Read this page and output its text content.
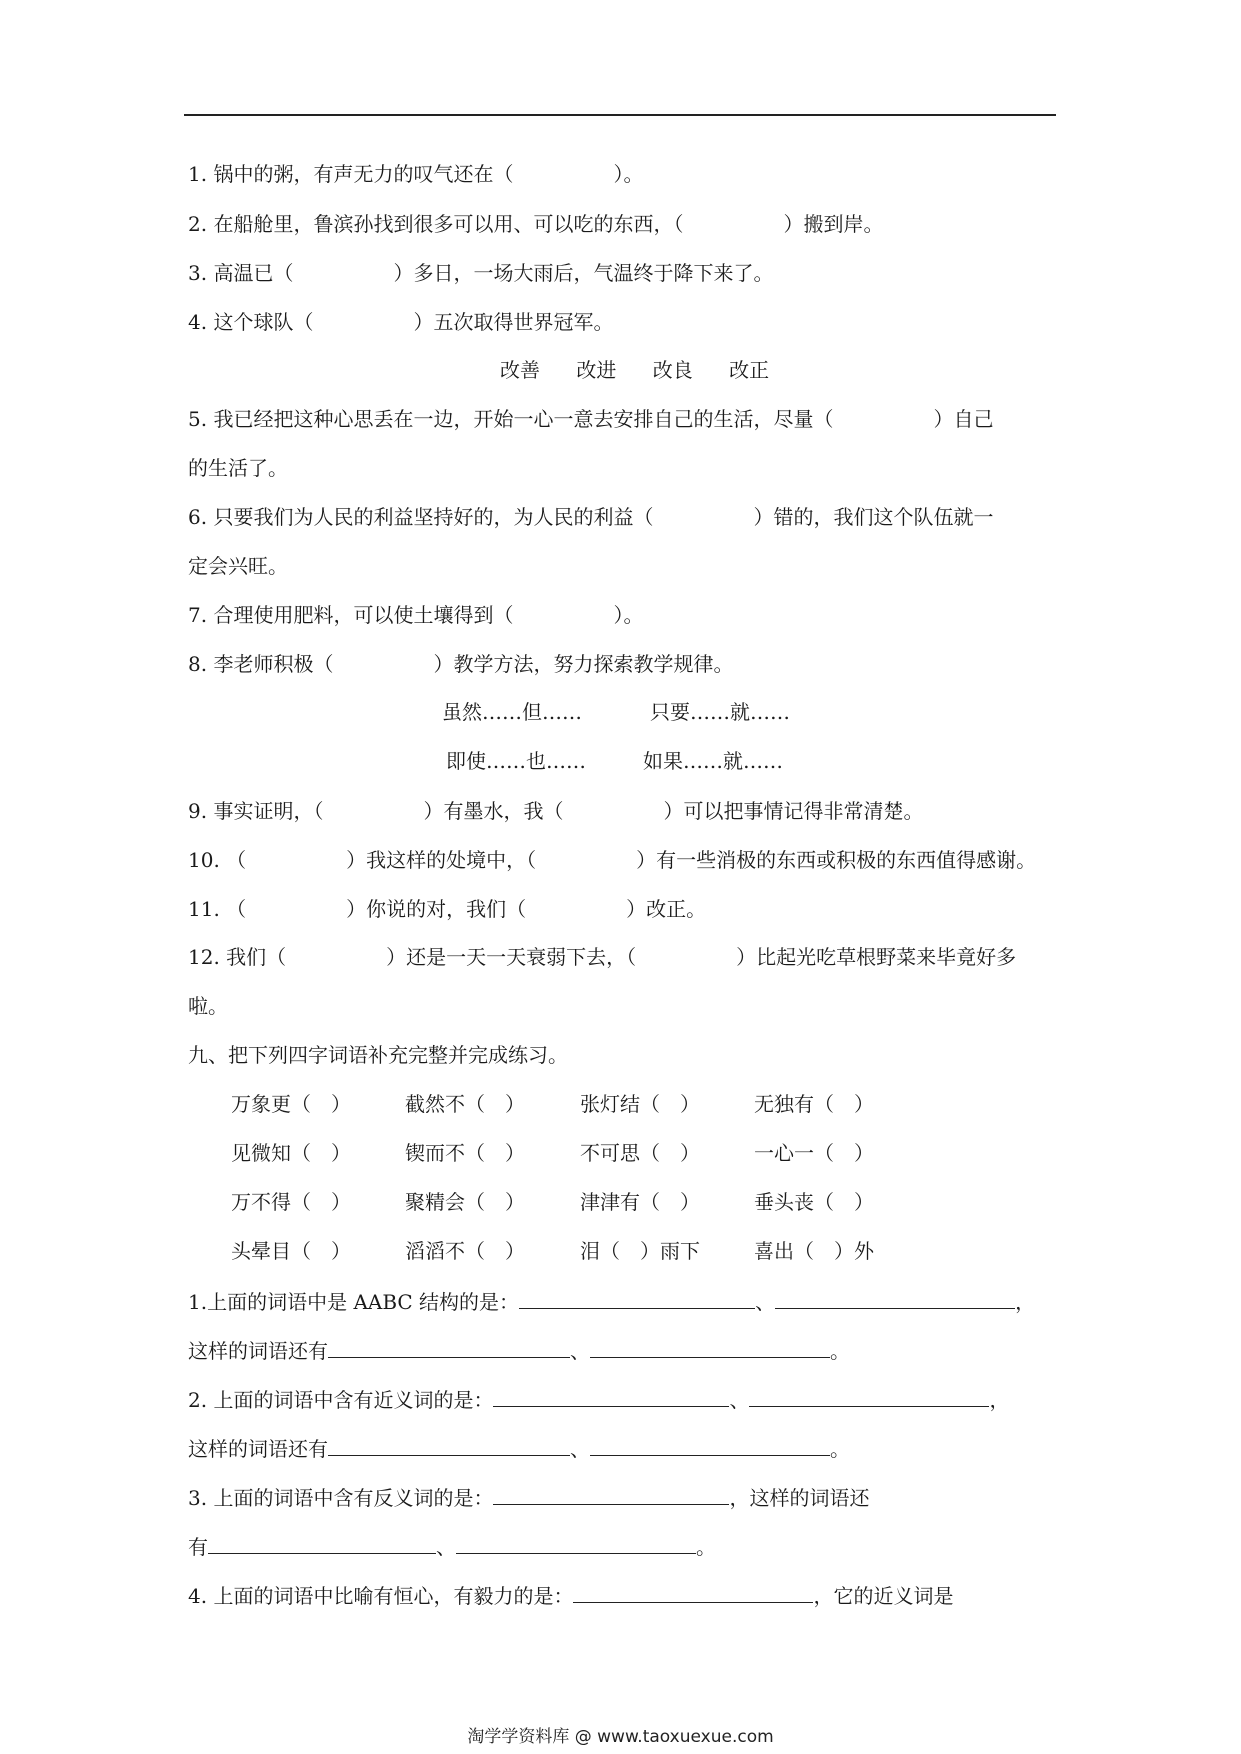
1. 锅中的粥，有声无力的叹气还在（　　　　　）。
2. 在船舱里，鲁滨孙找到很多可以用、可以吃的东西，（　　　　　）搬到岸。
3. 高温已（　　　　　）多日，一场大雨后，气温终于降下来了。
4. 这个球队（　　　　　）五次取得世界冠军。
改善 改进 改良 改正
5. 我已经把这种心思丢在一边，开始一心一意去安排自己的生活，尽量（　　　　　）自己
的生活了。
6. 只要我们为人民的利益坚持好的，为人民的利益（　　　　　）错的，我们这个队伍就一
定会兴旺。
7. 合理使用肥料，可以使土壤得到（　　　　　）。
8. 李老师积极（　　　　　）教学方法，努力探索教学规律。
虽然……但……	只要……就……
即使……也……	如果……就……
9. 事实证明，（　　　　　）有墨水，我（　　　　　）可以把事情记得非常清楚。
10. （　　　　　）我这样的处境中，（　　　　　）有一些消极的东西或积极的东西值得感谢。
11. （　　　　　）你说的对，我们（　　　　　）改正。
12. 我们（　　　　　）还是一天一天衰弱下去，（　　　　　）比起光吃草根野菜来毕竟好多
啦。
九、把下列四字词语补充完整并完成练习。
万象更（　）	截然不（　）	张灯结（　）	无独有（　）
见微知（　）	锲而不（　）	不可思（　）	一心一（　）
万不得（　）	聚精会（　）	津津有（　）	垂头丧（　）
头晕目（　）	滔滔不（　）	泪（　）雨下	喜出（　）外
1.上面的词语中是 AABC 结构的是：	、	，
这样的词语还有	、	。
2. 上面的词语中含有近义词的是：	、	，
这样的词语还有	、	。
3. 上面的词语中含有反义词的是：	，这样的词语还
有	、	。
4. 上面的词语中比喻有恒心，有毅力的是：	，它的近义词是
淘学学资料库 @ www.taoxuexue.com
